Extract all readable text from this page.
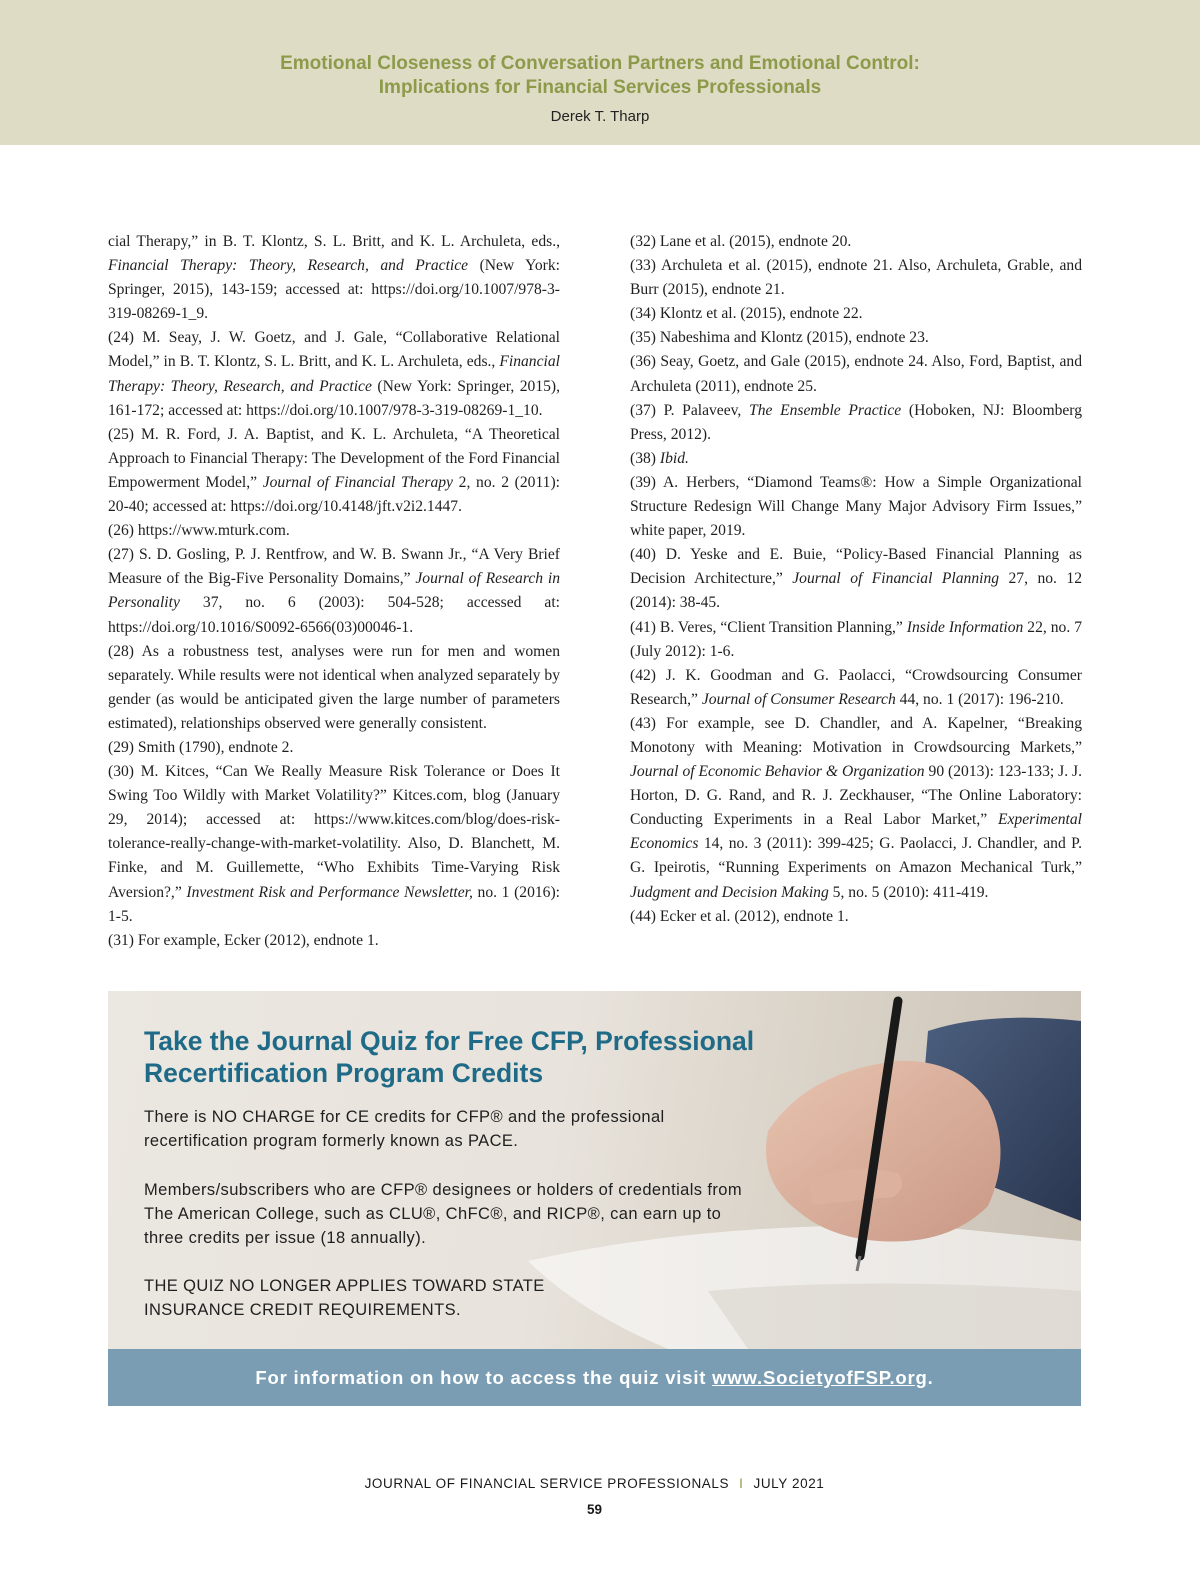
Emotional Closeness of Conversation Partners and Emotional Control:
Implications for Financial Services Professionals
Derek T. Tharp
cial Therapy,” in B. T. Klontz, S. L. Britt, and K. L. Archuleta, eds., Financial Therapy: Theory, Research, and Practice (New York: Springer, 2015), 143-159; accessed at: https://doi.org/10.1007/978-3-319-08269-1_9.
(24) M. Seay, J. W. Goetz, and J. Gale, “Collaborative Relational Model,” in B. T. Klontz, S. L. Britt, and K. L. Archuleta, eds., Financial Therapy: Theory, Research, and Practice (New York: Springer, 2015), 161-172; accessed at: https://doi.org/10.1007/978-3-319-08269-1_10.
(25) M. R. Ford, J. A. Baptist, and K. L. Archuleta, “A Theoretical Approach to Financial Therapy: The Development of the Ford Financial Empowerment Model,” Journal of Financial Therapy 2, no. 2 (2011): 20-40; accessed at: https://doi.org/10.4148/jft.v2i2.1447.
(26) https://www.mturk.com.
(27) S. D. Gosling, P. J. Rentfrow, and W. B. Swann Jr., “A Very Brief Measure of the Big-Five Personality Domains,” Journal of Research in Personality 37, no. 6 (2003): 504-528; accessed at: https://doi.org/10.1016/S0092-6566(03)00046-1.
(28) As a robustness test, analyses were run for men and women separately. While results were not identical when analyzed separately by gender (as would be anticipated given the large number of parameters estimated), relationships observed were generally consistent.
(29) Smith (1790), endnote 2.
(30) M. Kitces, “Can We Really Measure Risk Tolerance or Does It Swing Too Wildly with Market Volatility?” Kitces.com, blog (January 29, 2014); accessed at: https://www.kitces.com/blog/does-risk-tolerance-really-change-with-market-volatility. Also, D. Blanchett, M. Finke, and M. Guillemette, “Who Exhibits Time-Varying Risk Aversion?,” Investment Risk and Performance Newsletter, no. 1 (2016): 1-5.
(31) For example, Ecker (2012), endnote 1.
(32) Lane et al. (2015), endnote 20.
(33) Archuleta et al. (2015), endnote 21. Also, Archuleta, Grable, and Burr (2015), endnote 21.
(34) Klontz et al. (2015), endnote 22.
(35) Nabeshima and Klontz (2015), endnote 23.
(36) Seay, Goetz, and Gale (2015), endnote 24. Also, Ford, Baptist, and Archuleta (2011), endnote 25.
(37) P. Palaveev, The Ensemble Practice (Hoboken, NJ: Bloomberg Press, 2012).
(38) Ibid.
(39) A. Herbers, “Diamond Teams®: How a Simple Organizational Structure Redesign Will Change Many Major Advisory Firm Issues,” white paper, 2019.
(40) D. Yeske and E. Buie, “Policy-Based Financial Planning as Decision Architecture,” Journal of Financial Planning 27, no. 12 (2014): 38-45.
(41) B. Veres, “Client Transition Planning,” Inside Information 22, no. 7 (July 2012): 1-6.
(42) J. K. Goodman and G. Paolacci, “Crowdsourcing Consumer Research,” Journal of Consumer Research 44, no. 1 (2017): 196-210.
(43) For example, see D. Chandler, and A. Kapelner, “Breaking Monotony with Meaning: Motivation in Crowdsourcing Markets,” Journal of Economic Behavior & Organization 90 (2013): 123-133; J. J. Horton, D. G. Rand, and R. J. Zeckhauser, “The Online Laboratory: Conducting Experiments in a Real Labor Market,” Experimental Economics 14, no. 3 (2011): 399-425; G. Paolacci, J. Chandler, and P. G. Ipeirotis, “Running Experiments on Amazon Mechanical Turk,” Judgment and Decision Making 5, no. 5 (2010): 411-419.
(44) Ecker et al. (2012), endnote 1.
Take the Journal Quiz for Free CFP, Professional
Recertification Program Credits
There is NO CHARGE for CE credits for CFP® and the professional recertification program formerly known as PACE.
Members/subscribers who are CFP® designees or holders of credentials from The American College, such as CLU®, ChFC®, and RICP®, can earn up to three credits per issue (18 annually).
THE QUIZ NO LONGER APPLIES TOWARD STATE INSURANCE CREDIT REQUIREMENTS.
For information on how to access the quiz visit www.SocietyofFSP.org.
JOURNAL OF FINANCIAL SERVICE PROFESSIONALS I JULY 2021
59
